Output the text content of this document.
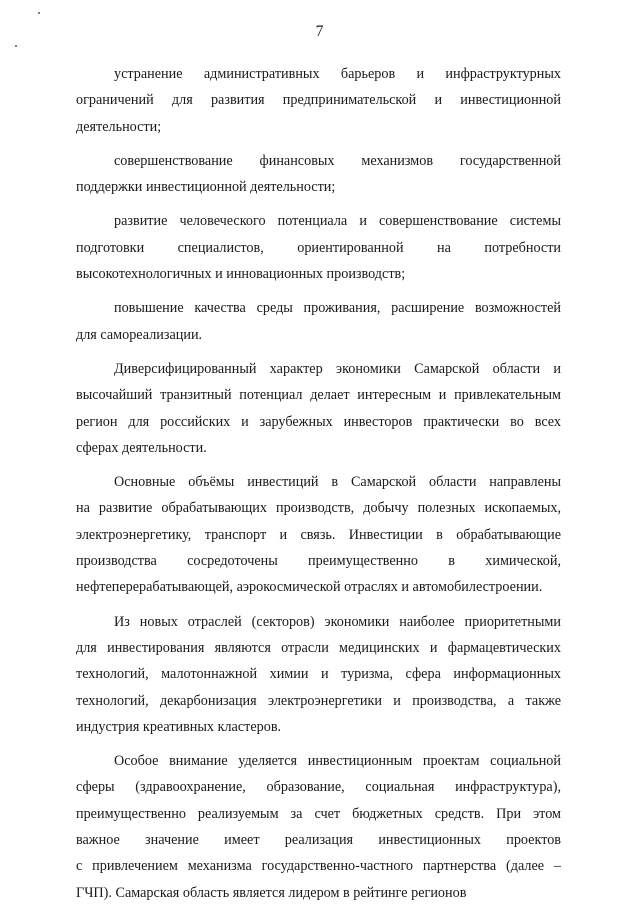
7
устранение административных барьеров и инфраструктурных
ограничений для развития предпринимательской и инвестиционной
деятельности;
совершенствование финансовых механизмов государственной
поддержки инвестиционной деятельности;
развитие человеческого потенциала и совершенствование системы
подготовки специалистов, ориентированной на потребности
высокотехнологичных и инновационных производств;
повышение качества среды проживания, расширение возможностей
для самореализации.
Диверсифицированный характер экономики Самарской области и
высочайший транзитный потенциал делает интересным и привлекательным
регион для российских и зарубежных инвесторов практически во всех
сферах деятельности.
Основные объёмы инвестиций в Самарской области направлены
на развитие обрабатывающих производств, добычу полезных ископаемых,
электроэнергетику, транспорт и связь. Инвестиции в обрабатывающие
производства сосредоточены преимущественно в химической,
нефтеперерабатывающей, аэрокосмической отраслях и автомобилестроении.
Из новых отраслей (секторов) экономики наиболее приоритетными
для инвестирования являются отрасли медицинских и фармацевтических
технологий, малотоннажной химии и туризма, сфера информационных
технологий, декарбонизация электроэнергетики и производства, а также
индустрия креативных кластеров.
Особое внимание уделяется инвестиционным проектам социальной
сферы (здравоохранение, образование, социальная инфраструктура),
преимущественно реализуемым за счет бюджетных средств. При этом
важное значение имеет реализация инвестиционных проектов
с привлечением механизма государственно-частного партнерства (далее –
ГЧП). Самарская область является лидером в рейтинге регионов
